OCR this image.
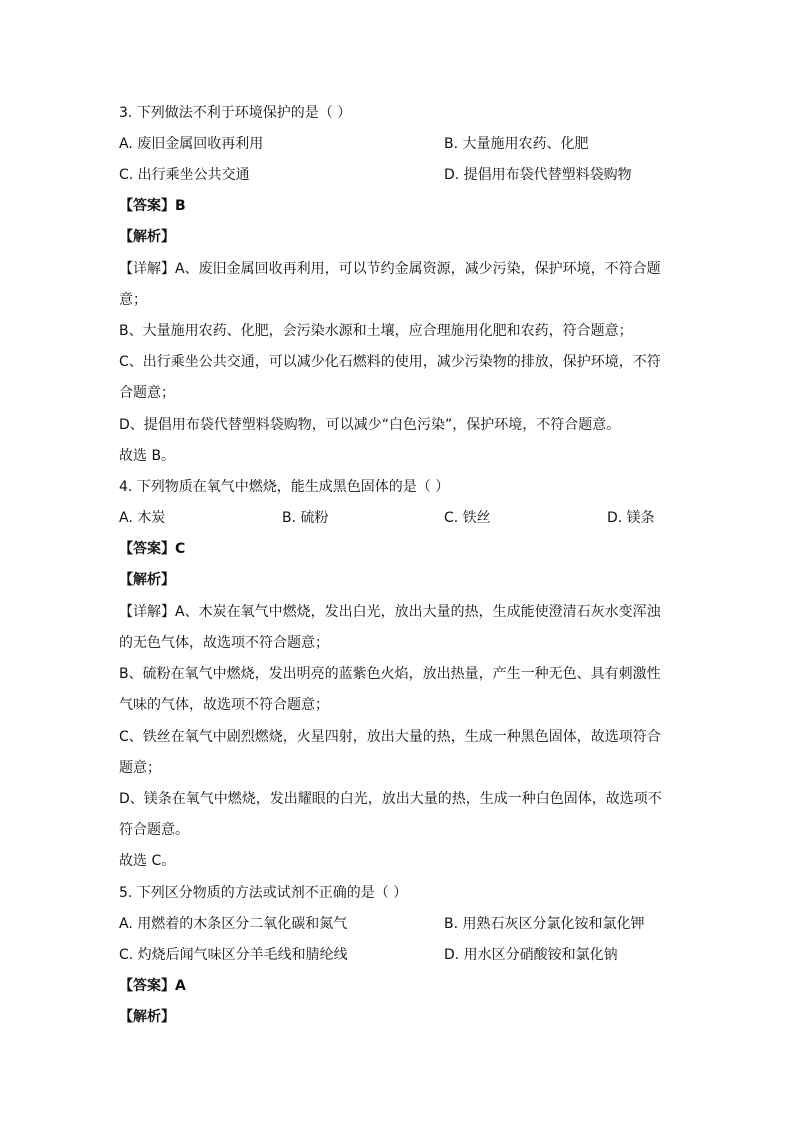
3. 下列做法不利于环境保护的是（ ）
A. 废旧金属回收再利用	B. 大量施用农药、化肥
C. 出行乘坐公共交通	D. 提倡用布袋代替塑料袋购物
【答案】B
【解析】
【详解】A、废旧金属回收再利用，可以节约金属资源，减少污染，保护环境，不符合题
意；
B、大量施用农药、化肥，会污染水源和土壤，应合理施用化肥和农药，符合题意；
C、出行乘坐公共交通，可以减少化石燃料的使用，减少污染物的排放，保护环境，不符
合题意；
D、提倡用布袋代替塑料袋购物，可以减少“白色污染”，保护环境，不符合题意。
故选 B。
4. 下列物质在氧气中燃烧，能生成黑色固体的是（ ）
A. 木炭	B. 硫粉	C. 铁丝	D. 镁条
【答案】C
【解析】
【详解】A、木炭在氧气中燃烧，发出白光，放出大量的热，生成能使澄清石灰水变浑浊
的无色气体，故选项不符合题意；
B、硫粉在氧气中燃烧，发出明亮的蓝紫色火焰，放出热量，产生一种无色、具有刺激性
气味的气体，故选项不符合题意；
C、铁丝在氧气中剧烈燃烧，火星四射，放出大量的热，生成一种黑色固体，故选项符合
题意；
D、镁条在氧气中燃烧，发出耀眼的白光，放出大量的热，生成一种白色固体，故选项不
符合题意。
故选 C。
5. 下列区分物质的方法或试剂不正确的是（ ）
A. 用燃着的木条区分二氧化碳和氮气	B. 用熟石灰区分氯化铵和氯化钾
C. 灼烧后闻气味区分羊毛线和腈纶线	D. 用水区分硝酸铵和氯化钠
【答案】A
【解析】
